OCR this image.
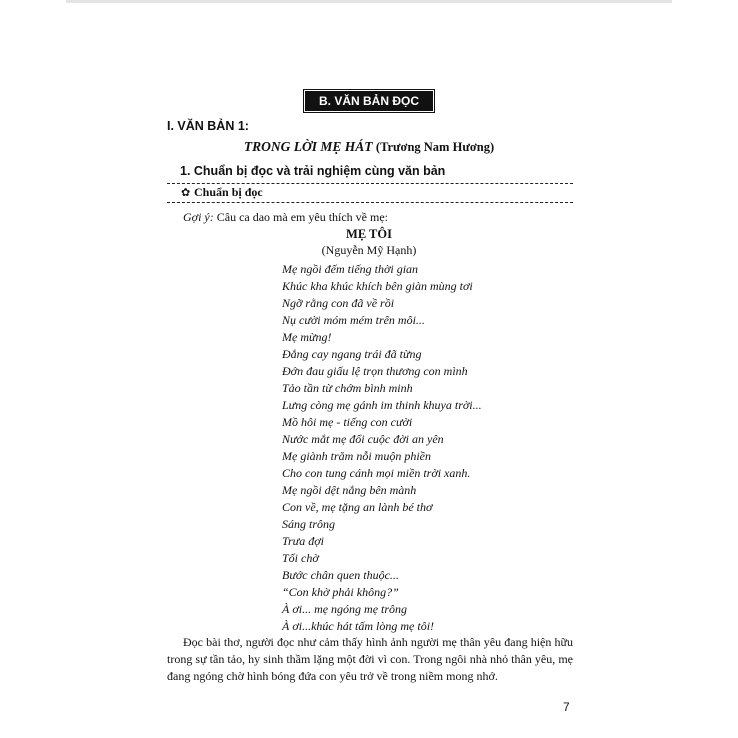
B. VĂN BẢN ĐỌC
I. VĂN BẢN 1:
TRONG LỜI MẸ HÁT (Trương Nam Hương)
1. Chuẩn bị đọc và trải nghiệm cùng văn bản
✿ Chuẩn bị đọc
Gợi ý: Câu ca dao mà em yêu thích về mẹ:
MẸ TÔI
(Nguyễn Mỹ Hạnh)
Mẹ ngồi đếm tiếng thời gian
Khúc kha khúc khích bên giàn mùng tơi
Ngỡ rằng con đã về rồi
Nụ cười móm mém trên môi...
Mẹ mừng!
Đắng cay ngang trái đã từng
Đớn đau giấu lệ trọn thương con mình
Tảo tần từ chớm bình minh
Lưng còng mẹ gánh im thinh khuya trời...
Mồ hôi mẹ - tiếng con cười
Nước mắt mẹ đổi cuộc đời an yên
Mẹ giành trăm nỗi muộn phiền
Cho con tung cánh mọi miền trời xanh.
Mẹ ngồi dệt nắng bên mành
Con về, mẹ tặng an lành bé thơ
Sáng trông
Trưa đợi
Tối chờ
Bước chân quen thuộc...
“Con khờ phải không?”
À ơi... mẹ ngóng mẹ trông
À ơi...khúc hát tấm lòng mẹ tôi!

Đọc bài thơ, người đọc như cảm thấy hình ảnh người mẹ thân yêu đang hiện hữu trong sự tần tảo, hy sinh thầm lặng một đời vì con. Trong ngôi nhà nhỏ thân yêu, mẹ đang ngóng chờ hình bóng đứa con yêu trở về trong niềm mong nhớ.

7
